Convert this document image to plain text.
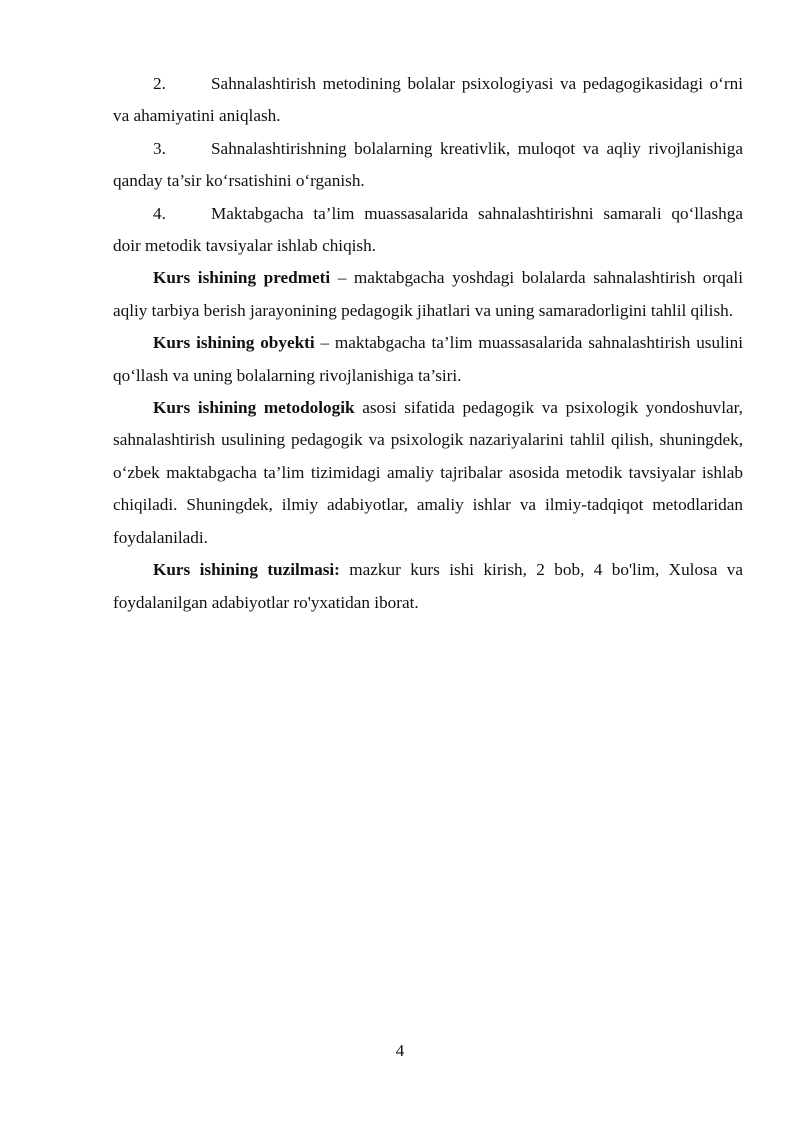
2.	Sahnalashtirish metodining bolalar psixologiyasi va pedagogikasidagi o‘rni va ahamiyatini aniqlash.

3.	Sahnalashtirishning bolalarning kreativlik, muloqot va aqliy rivojlanishiga qanday ta’sir ko‘rsatishini o‘rganish.

4.	Maktabgacha ta’lim muassasalarida sahnalashtirishni samarali qo‘llashga doir metodik tavsiyalar ishlab chiqish.

Kurs ishining predmeti – maktabgacha yoshdagi bolalarda sahnalashtirish orqali aqliy tarbiya berish jarayonining pedagogik jihatlari va uning samaradorligini tahlil qilish.

Kurs ishining obyekti – maktabgacha ta’lim muassasalarida sahnalashtirish usulini qo‘llash va uning bolalarning rivojlanishiga ta’siri.

Kurs ishining metodologik asosi sifatida pedagogik va psixologik yondoshuvlar, sahnalashtirish usulining pedagogik va psixologik nazariyalarini tahlil qilish, shuningdek, o‘zbek maktabgacha ta’lim tizimidagi amaliy tajribalar asosida metodik tavsiyalar ishlab chiqiladi. Shuningdek, ilmiy adabiyotlar, amaliy ishlar va ilmiy-tadqiqot metodlaridan foydalaniladi.

Kurs ishining tuzilmasi: mazkur kurs ishi kirish, 2 bob, 4 bo'lim, Xulosa va foydalanilgan adabiyotlar ro'yxatidan iborat.

4
